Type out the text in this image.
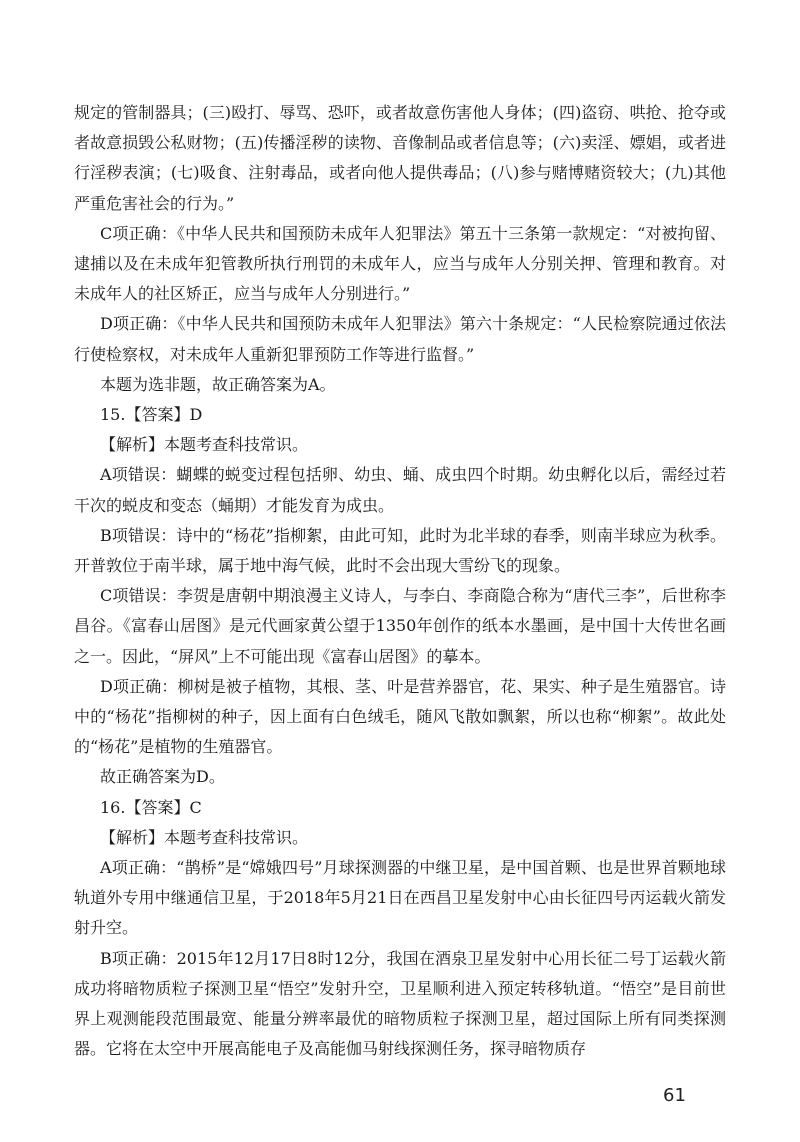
规定的管制器具；(三)殴打、辱骂、恐吓，或者故意伤害他人身体；(四)盗窃、哄抢、抢夺或者故意损毁公私财物；(五)传播淫秽的读物、音像制品或者信息等；(六)卖淫、嫖娼，或者进行淫秽表演；(七)吸食、注射毒品，或者向他人提供毒品；(八)参与赌博赌资较大；(九)其他严重危害社会的行为。”

C项正确：《中华人民共和国预防未成年人犯罪法》第五十三条第一款规定：“对被拘留、逮捕以及在未成年犯管教所执行刑罚的未成年人，应当与成年人分别关押、管理和教育。对未成年人的社区矫正，应当与成年人分别进行。”

D项正确：《中华人民共和国预防未成年人犯罪法》第六十条规定：“人民检察院通过依法行使检察权，对未成年人重新犯罪预防工作等进行监督。”

本题为选非题，故正确答案为A。

15.【答案】D

【解析】本题考查科技常识。

A项错误：蝴蝶的蜕变过程包括卵、幼虫、蛹、成虫四个时期。幼虫孵化以后，需经过若干次的蜕皮和变态（蛹期）才能发育为成虫。

B项错误：诗中的“杨花”指柳絮，由此可知，此时为北半球的春季，则南半球应为秋季。开普敦位于南半球，属于地中海气候，此时不会出现大雪纷飞的现象。

C项错误：李贺是唐朝中期浪漫主义诗人，与李白、李商隐合称为“唐代三李”，后世称李昌谷。《富春山居图》是元代画家黄公望于1350年创作的纸本水墨画，是中国十大传世名画之一。因此，“屏风”上不可能出现《富春山居图》的摹本。

D项正确：柳树是被子植物，其根、茎、叶是营养器官，花、果实、种子是生殖器官。诗中的“杨花”指柳树的种子，因上面有白色绒毛，随风飞散如飘絮，所以也称“柳絮”。故此处的“杨花”是植物的生殖器官。

故正确答案为D。

16.【答案】C

【解析】本题考查科技常识。

A项正确：“鹊桥”是“嫦娥四号”月球探测器的中继卫星，是中国首颗、也是世界首颗地球轨道外专用中继通信卫星，于2018年5月21日在西昌卫星发射中心由长征四号丙运载火箭发射升空。

B项正确：2015年12月17日8时12分，我国在酒泉卫星发射中心用长征二号丁运载火箭成功将暗物质粒子探测卫星“悟空”发射升空，卫星顺利进入预定转移轨道。“悟空”是目前世界上观测能段范围最宽、能量分辨率最优的暗物质粒子探测卫星，超过国际上所有同类探测器。它将在太空中开展高能电子及高能伽马射线探测任务，探寻暗物质存

61
